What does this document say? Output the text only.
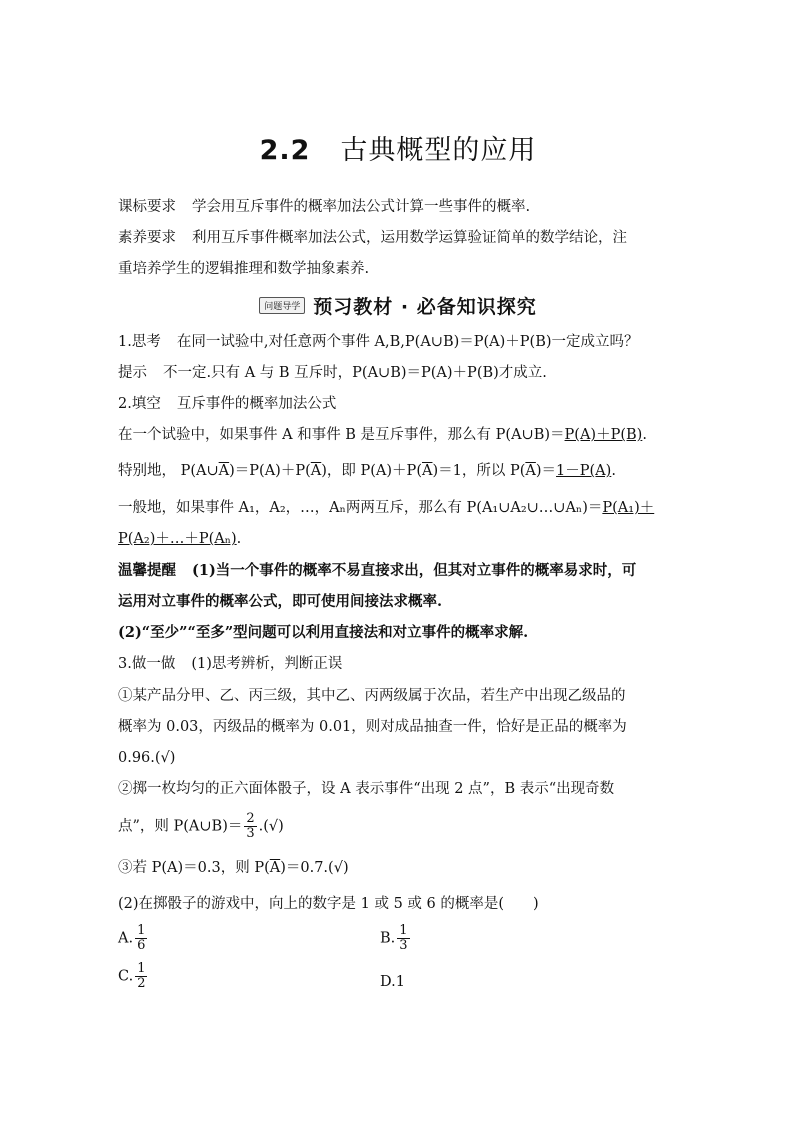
2.2 古典概型的应用
课标要求 学会用互斥事件的概率加法公式计算一些事件的概率.
素养要求 利用互斥事件概率加法公式，运用数学运算验证简单的数学结论，注
重培养学生的逻辑推理和数学抽象素养.
问题导学 预习教材 · 必备知识探究
1.思考 在同一试验中,对任意两个事件 A,B,P(A∪B)＝P(A)＋P(B)一定成立吗？
提示 不一定.只有 A 与 B 互斥时，P(A∪B)＝P(A)＋P(B)才成立.
2.填空 互斥事件的概率加法公式
在一个试验中，如果事件 A 和事件 B 是互斥事件，那么有 P(A∪B)＝P(A)＋P(B).
特别地， $P(A\cup\overline{A})=P(A)+P(\overline{A})$，即 $P(A)+P(\overline{A})=1$，所以 $P(\overline{A})=1-P(A)$.
一般地，如果事件 A₁，A₂，…，Aₙ两两互斥，那么有 P(A₁∪A₂∪…∪Aₙ)＝P(A₁)＋
P(A₂)＋…＋P(Aₙ).
温馨提醒 (1)当一个事件的概率不易直接求出，但其对立事件的概率易求时，可
运用对立事件的概率公式，即可使用间接法求概率.
(2)“至少”“至多”型问题可以利用直接法和对立事件的概率求解.
3.做一做 (1)思考辨析，判断正误
①某产品分甲、乙、丙三级，其中乙、丙两级属于次品，若生产中出现乙级品的
概率为 0.03，丙级品的概率为 0.01，则对成品抽查一件，恰好是正品的概率为
0.96.(√)
②掷一枚均匀的正六面体骰子，设 A 表示事件“出现 2 点”，B 表示“出现奇数
点”，则 P(A∪B)＝ $\frac{2}{3}$ .(√)
③若 P(A)＝0.3，则 $P(\overline{A})=0.7.(√)$
(2)在掷骰子的游戏中，向上的数字是 1 或 5 或 6 的概率是(　　)
A. $\frac{1}{6}$	B. $\frac{1}{3}$
C. $\frac{1}{2}$	D.1
